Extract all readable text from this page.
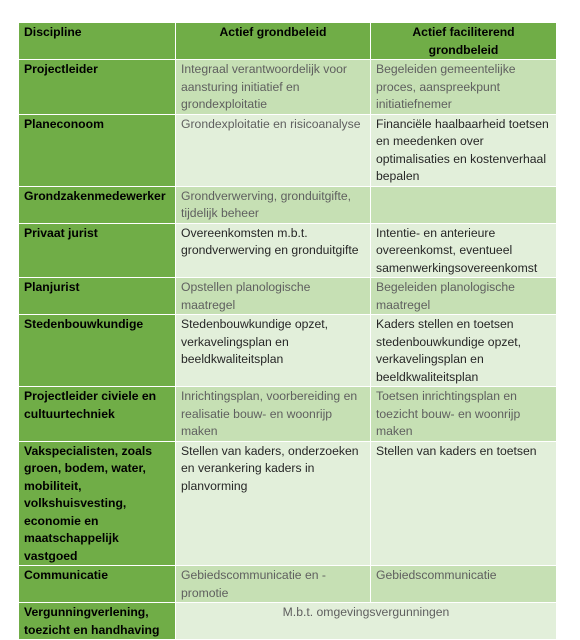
Discipline	Actief grondbeleid	Actief faciliterend grondbeleid
Projectleider	Integraal verantwoordelijk voor aansturing initiatief en grondexploitatie	Begeleiden gemeentelijke proces, aanspreekpunt initiatiefnemer
Planeconoom	Grondexploitatie en risicoanalyse	Financiële haalbaarheid toetsen en meedenken over optimalisaties en kostenverhaal bepalen
Grondzakenmedewerker	Grondverwerving, gronduitgifte, tijdelijk beheer	
Privaat jurist	Overeenkomsten m.b.t. grondverwerving en gronduitgifte	Intentie- en anterieure overeenkomst, eventueel samenwerkingsovereenkomst
Planjurist	Opstellen planologische maatregel	Begeleiden planologische maatregel
Stedenbouwkundige	Stedenbouwkundige opzet, verkavelingsplan en beeldkwaliteitsplan	Kaders stellen en toetsen stedenbouwkundige opzet, verkavelingsplan en beeldkwaliteitsplan
Projectleider civiele en cultuurtechniek	Inrichtingsplan, voorbereiding en realisatie bouw- en woonrijp maken	Toetsen inrichtingsplan en toezicht bouw- en woonrijp maken
Vakspecialisten, zoals groen, bodem, water, mobiliteit, volkshuisvesting, economie en maatschappelijk vastgoed	Stellen van kaders, onderzoeken en verankering kaders in planvorming	Stellen van kaders en toetsen
Communicatie	Gebiedscommunicatie en -promotie	Gebiedscommunicatie
Vergunningverlening, toezicht en handhaving	M.b.t. omgevingsvergunningen	
